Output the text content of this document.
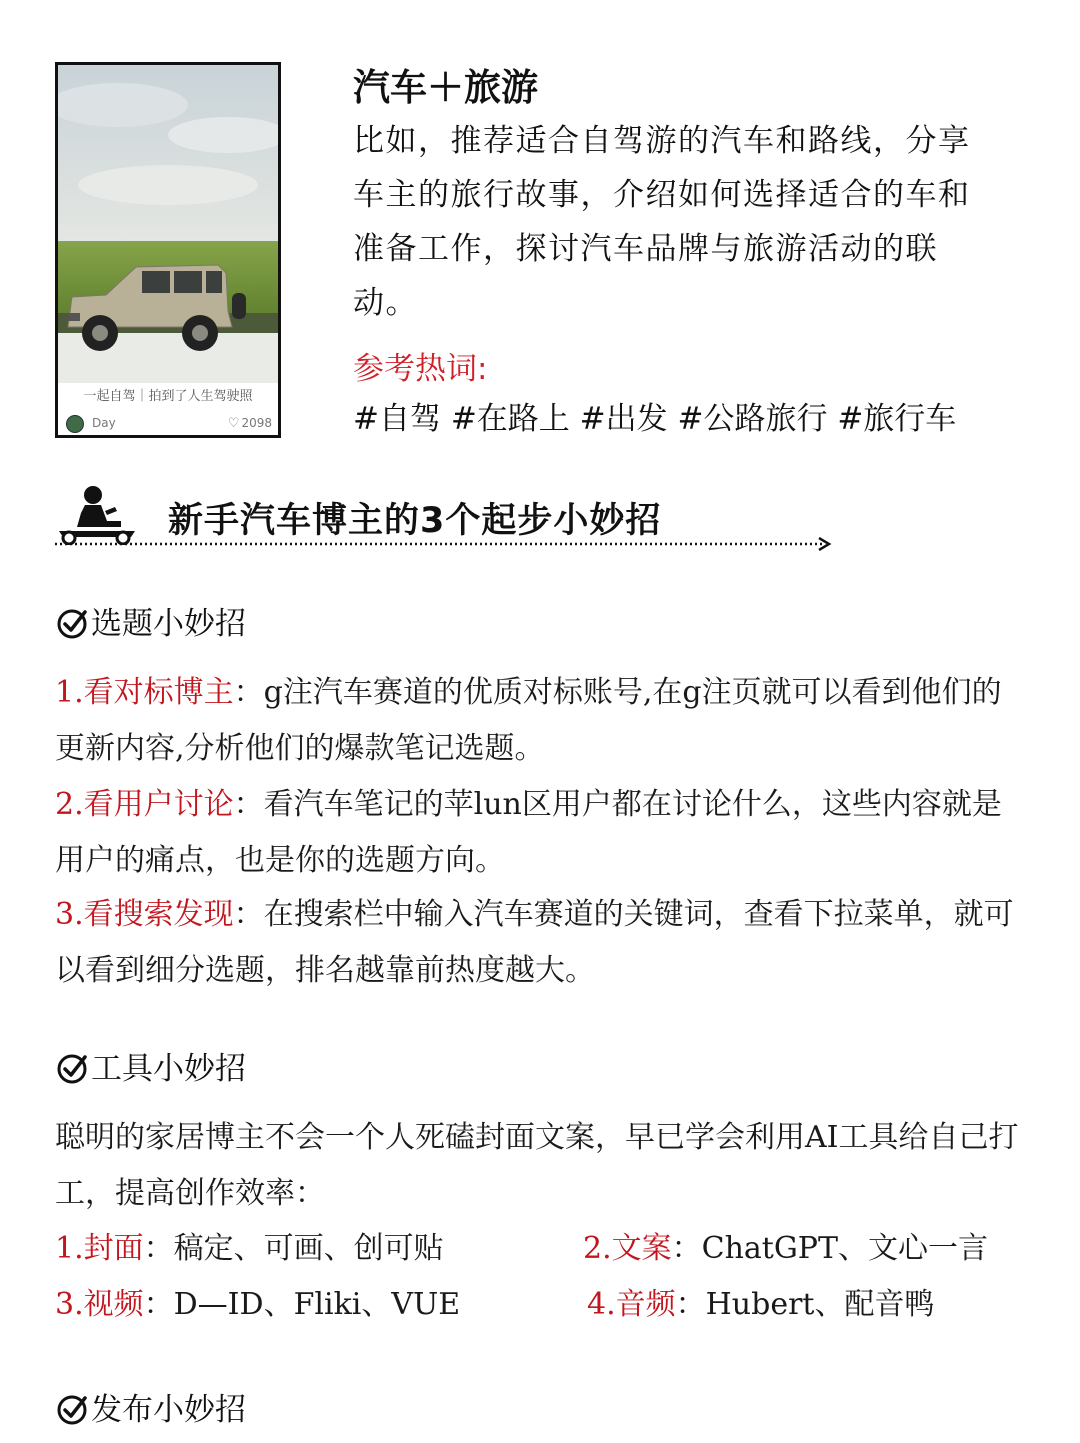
一起自驾｜拍到了人生驾驶照
Day	♡ 2098
汽车＋旅游
比如，推荐适合自驾游的汽车和路线，分享
车主的旅行故事，介绍如何选择适合的车和
准备工作，探讨汽车品牌与旅游活动的联
动。
参考热词:
#自驾 #在路上 #出发 #公路旅行 #旅行车
新手汽车博主的3个起步小妙招
选题小妙招
1.看对标博主：g注汽车赛道的优质对标账号,在g注页就可以看到他们的更新内容,分析他们的爆款笔记选题。
2.看用户讨论：看汽车笔记的苹lun区用户都在讨论什么，这些内容就是用户的痛点，也是你的选题方向。
3.看搜索发现：在搜索栏中输入汽车赛道的关键词，查看下拉菜单，就可以看到细分选题，排名越靠前热度越大。
工具小妙招
聪明的家居博主不会一个人死磕封面文案，早已学会利用AI工具给自己打工，提高创作效率：
1.封面：稿定、可画、创可贴	2.文案：ChatGPT、文心一言
3.视频：D—ID、Fliki、VUE	4.音频：Hubert、配音鸭
发布小妙招
